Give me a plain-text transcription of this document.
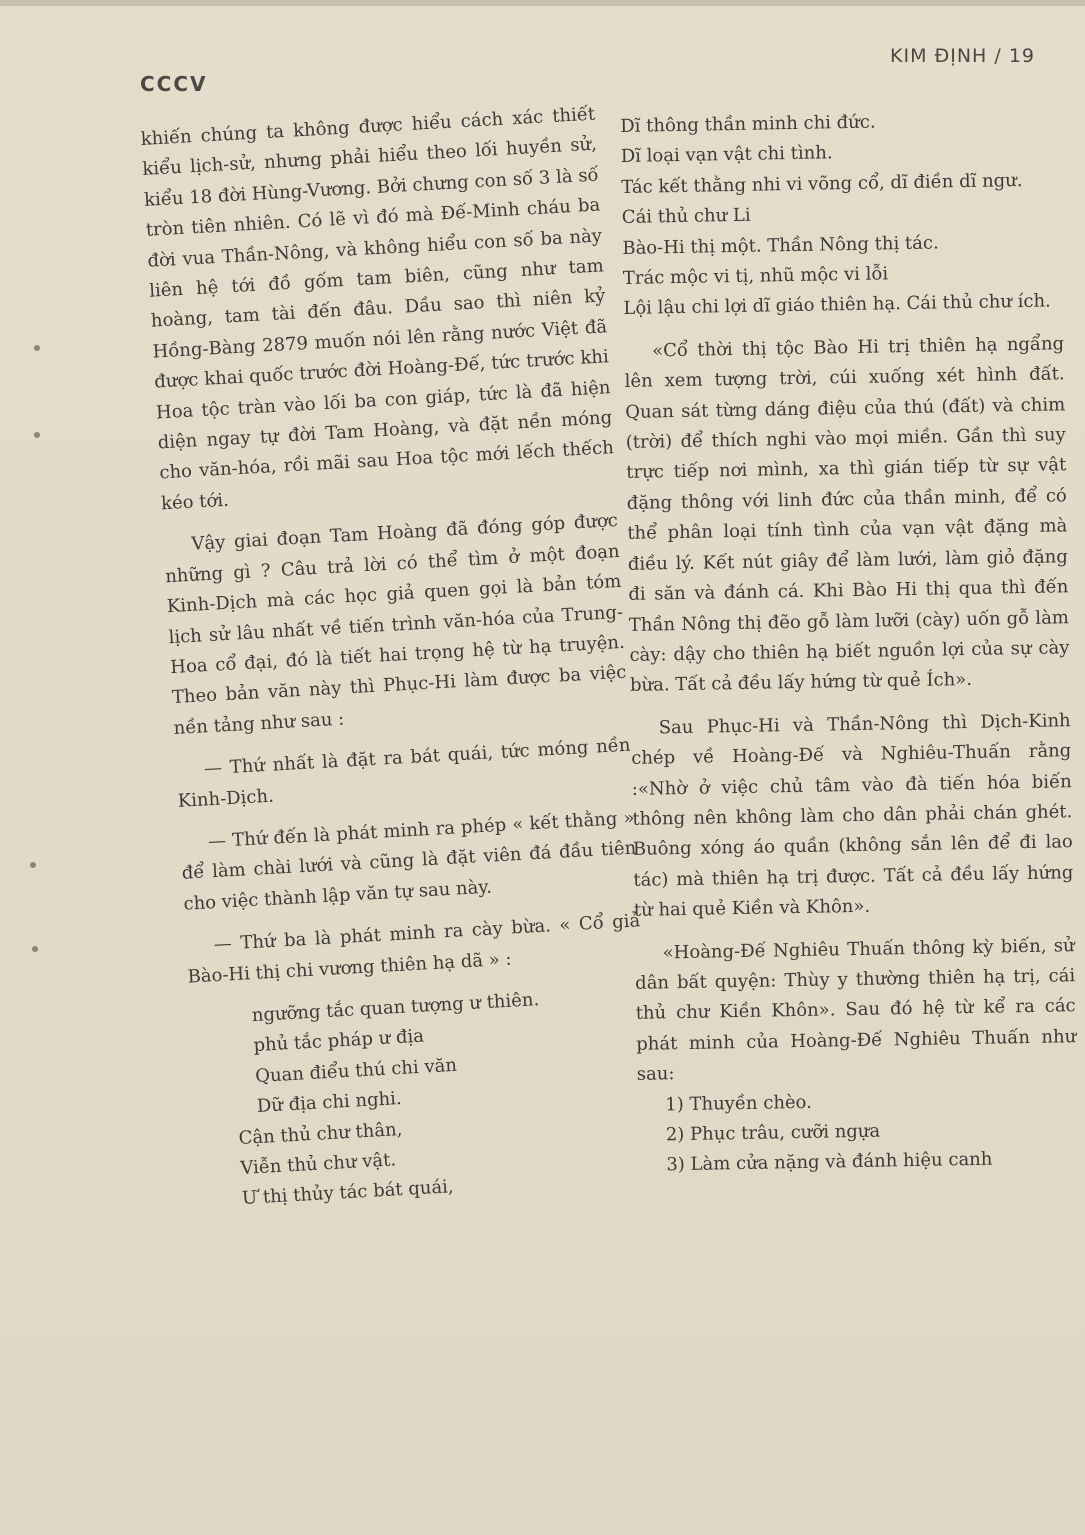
CCCV
KIM ĐỊNH / 19

khiến chúng ta không được hiểu cách xác thiết kiểu lịch-sử, nhưng phải hiểu theo lối huyền sử, kiểu 18 đời Hùng-Vương. Bởi chưng con số 3 là số tròn tiên nhiên. Có lẽ vì đó mà Đế-Minh cháu ba đời vua Thần-Nông, và không hiểu con số ba này liên hệ tới đồ gốm tam biên, cũng như tam hoàng, tam tài đến đâu. Dầu sao thì niên kỷ Hồng-Bàng 2879 muốn nói lên rằng nước Việt đã được khai quốc trước đời Hoàng-Đế, tức trước khi Hoa tộc tràn vào lối ba con giáp, tức là đã hiện diện ngay tự đời Tam Hoàng, và đặt nền móng cho văn-hóa, rồi mãi sau Hoa tộc mới lếch thếch kéo tới.

Vậy giai đoạn Tam Hoàng đã đóng góp được những gì ? Câu trả lời có thể tìm ở một đoạn Kinh-Dịch mà các học giả quen gọi là bản tóm lịch sử lâu nhất về tiến trình văn-hóa của Trung-Hoa cổ đại, đó là tiết hai trọng hệ từ hạ truyện. Theo bản văn này thì Phục-Hi làm được ba việc nền tảng như sau :

— Thứ nhất là đặt ra bát quái, tức móng nền Kinh-Dịch.

— Thứ đến là phát minh ra phép « kết thằng » để làm chài lưới và cũng là đặt viên đá đầu tiên cho việc thành lập văn tự sau này.

— Thứ ba là phát minh ra cày bừa. « Cổ giả Bào-Hi thị chi vương thiên hạ dã » :

ngưỡng tắc quan tượng ư thiên.

phủ tắc pháp ư địa

Quan điểu thú chi văn

Dữ địa chi nghi.

Cận thủ chư thân,

Viễn thủ chư vật.

Ư thị thủy tác bát quái,

Dĩ thông thần minh chi đức.

Dĩ loại vạn vật chi tình.

Tác kết thằng nhi vi võng cổ, dĩ điền dĩ ngư.

Cái thủ chư Li

Bào-Hi thị một. Thần Nông thị tác.

Trác mộc vi tị, nhũ mộc vi lỗi

Lội lậu chi lợi dĩ giáo thiên hạ. Cái thủ chư ích.

«Cổ thời thị tộc Bào Hi trị thiên hạ ngẩng lên xem tượng trời, cúi xuống xét hình đất. Quan sát từng dáng điệu của thú (đất) và chim (trời) để thích nghi vào mọi miền. Gần thì suy trực tiếp nơi mình, xa thì gián tiếp từ sự vật đặng thông với linh đức của thần minh, để có thể phân loại tính tình của vạn vật đặng mà điều lý. Kết nút giây để làm lưới, làm giỏ đặng đi săn và đánh cá. Khi Bào Hi thị qua thì đến Thần Nông thị đẽo gỗ làm lưỡi (cày) uốn gỗ làm cày: dậy cho thiên hạ biết nguồn lợi của sự cày bừa. Tất cả đều lấy hứng từ quẻ Ích».

Sau Phục-Hi và Thần-Nông thì Dịch-Kinh chép về Hoàng-Đế và Nghiêu-Thuấn rằng :«Nhờ ở việc chủ tâm vào đà tiến hóa biến thông nên không làm cho dân phải chán ghét. Buông xóng áo quần (không sắn lên để đi lao tác) mà thiên hạ trị được. Tất cả đều lấy hứng từ hai quẻ Kiền và Khôn».

«Hoàng-Đế Nghiêu Thuấn thông kỳ biến, sử dân bất quyện: Thùy y thường thiên hạ trị, cái thủ chư Kiền Khôn». Sau đó hệ từ kể ra các phát minh của Hoàng-Đế Nghiêu Thuấn như sau:

1) Thuyền chèo.

2) Phục trâu, cưỡi ngựa

3) Làm cửa nặng và đánh hiệu canh
